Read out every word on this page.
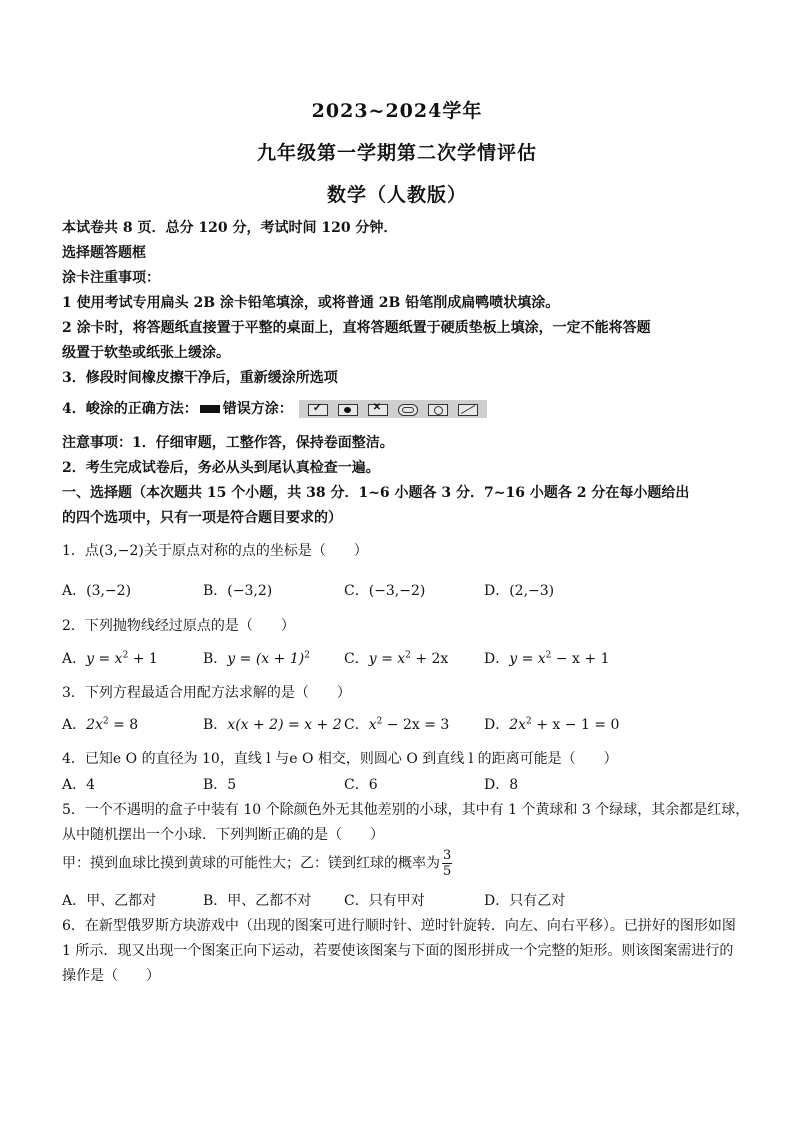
2023~2024学年
九年级第一学期第二次学情评估
数学（人教版）
本试卷共 8 页．总分 120 分，考试时间 120 分钟．
选择题答题框
涂卡注重事项：
1 使用考试专用扁头 2B 涂卡铅笔填涂，或将普通 2B 铅笔削成扁鸭喷状填涂。
2 涂卡时，将答题纸直接置于平整的桌面上，直将答题纸置于硬质垫板上填涂，一定不能将答题
级置于软垫或纸张上缓涂。
3．修段时间橡皮擦干净后，重新缓涂所选项
4．峻涂的正确方法： 错误方涂：✓✕
注意事项：1．仔细审题，工整作答，保持卷面整洁。
2．考生完成试卷后，务必从头到尾认真检查一遍。
一、选择题（本次题共 15 个小题，共 38 分．1~6 小题各 3 分．7~16 小题各 2 分在每小题给出
的四个选项中，只有一项是符合题目要求的）
1．点(3,−2)关于原点对称的点的坐标是（　　）
A．(3,−2)	B．(−3,2)	C．(−3,−2)	D．(2,−3)
2．下列抛物线经过原点的是（　　）
A．$y = x^2 + 1$	B．$y = (x + 1)^2$ C．$y = x^2 + 2x$	D．$y = x^2 - x + 1$
3．下列方程最适合用配方法求解的是（　　）
A．$2x^2 = 8$	B．x(x + 2) = x + 2 C．$x^2 - 2x = 3$ D．$2x^2 + x - 1 = 0$
4．已知e O 的直径为 10，直线 l 与e O 相交，则圆心 O 到直线 l 的距离可能是（　　）
A．4	B．5	C．6	D．8
5．一个不遇明的盒子中装有 10 个除颜色外无其他差别的小球，其中有 1 个黄球和 3 个绿球，其余都是红球，
从中随机摆出一个小球．下列判断正确的是（　　）
甲：摸到血球比摸到黄球的可能性大；乙：镁到红球的概率为 $\frac{3}{5}$
A．甲、乙都对	B．甲、乙都不对 C．只有甲对	D．只有乙对
6．在新型俄罗斯方块游戏中（出现的图案可进行顺时针、逆时针旋转．向左、向右平移）。已拼好的图形如图
1 所示．现又出现一个图案正向下运动，若要使该图案与下面的图形拼成一个完整的矩形。则该图案需进行的
操作是（　　）
